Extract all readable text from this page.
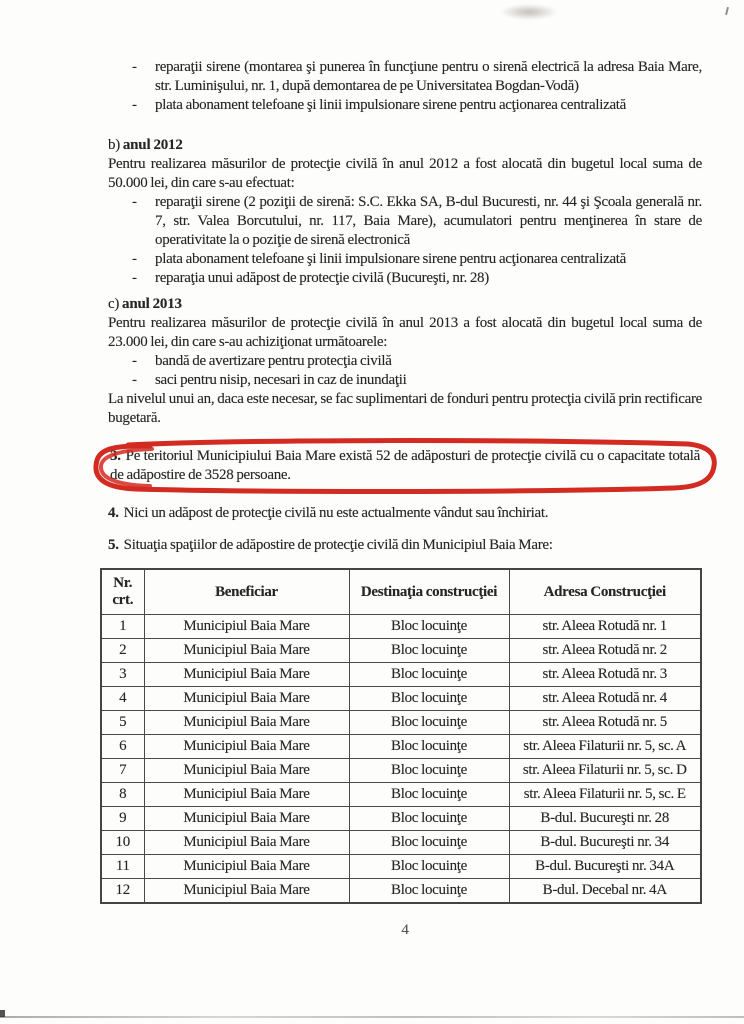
-	reparaţii sirene (montarea şi punerea în funcţiune pentru o sirenă electrică la adresa Baia Mare, str. Luminişului, nr. 1, după demontarea de pe Universitatea Bogdan-Vodă)
-	plata abonament telefoane şi linii impulsionare sirene pentru acţionarea centralizată

b) anul 2012

Pentru realizarea măsurilor de protecţie civilă în anul 2012 a fost alocată din bugetul local suma de 50.000 lei, din care s-au efectuat:

-	reparaţii sirene (2 poziţii de sirenă: S.C. Ekka SA, B-dul Bucuresti, nr. 44 şi Şcoala generală nr. 7, str. Valea Borcutului, nr. 117, Baia Mare), acumulatori pentru menţinerea în stare de operativitate la o poziţie de sirenă electronică
-	plata abonament telefoane şi linii impulsionare sirene pentru acţionarea centralizată
-	reparaţia unui adăpost de protecţie civilă (Bucureşti, nr. 28)

c) anul 2013

Pentru realizarea măsurilor de protecţie civilă în anul 2013 a fost alocată din bugetul local suma de 23.000 lei, din care s-au achiziţionat următoarele:

-	bandă de avertizare pentru protecţia civilă
-	saci pentru nisip, necesari in caz de inundaţii

La nivelul unui an, daca este necesar, se fac suplimentari de fonduri pentru protecţia civilă prin rectificare bugetară.

3. Pe teritoriul Municipiului Baia Mare există 52 de adăposturi de protecţie civilă cu o capacitate totală de adăpostire de 3528 persoane.

4. Nici un adăpost de protecţie civilă nu este actualmente vândut sau închiriat.

5. Situaţia spaţiilor de adăpostire de protecţie civilă din Municipiul Baia Mare:

Nr. crt.	Beneficiar	Destinaţia construcţiei	Adresa Construcţiei
1	Municipiul Baia Mare	Bloc locuinţe	str. Aleea Rotudă nr. 1
2	Municipiul Baia Mare	Bloc locuinţe	str. Aleea Rotudă nr. 2
3	Municipiul Baia Mare	Bloc locuinţe	str. Aleea Rotudă nr. 3
4	Municipiul Baia Mare	Bloc locuinţe	str. Aleea Rotudă nr. 4
5	Municipiul Baia Mare	Bloc locuinţe	str. Aleea Rotudă nr. 5
6	Municipiul Baia Mare	Bloc locuinţe	str. Aleea Filaturii nr. 5, sc. A
7	Municipiul Baia Mare	Bloc locuinţe	str. Aleea Filaturii nr. 5, sc. D
8	Municipiul Baia Mare	Bloc locuinţe	str. Aleea Filaturii nr. 5, sc. E
9	Municipiul Baia Mare	Bloc locuinţe	B-dul. Bucureşti nr. 28
10	Municipiul Baia Mare	Bloc locuinţe	B-dul. Bucureşti nr. 34
11	Municipiul Baia Mare	Bloc locuinţe	B-dul. Bucureşti nr. 34A
12	Municipiul Baia Mare	Bloc locuinţe	B-dul. Decebal nr. 4A
4
